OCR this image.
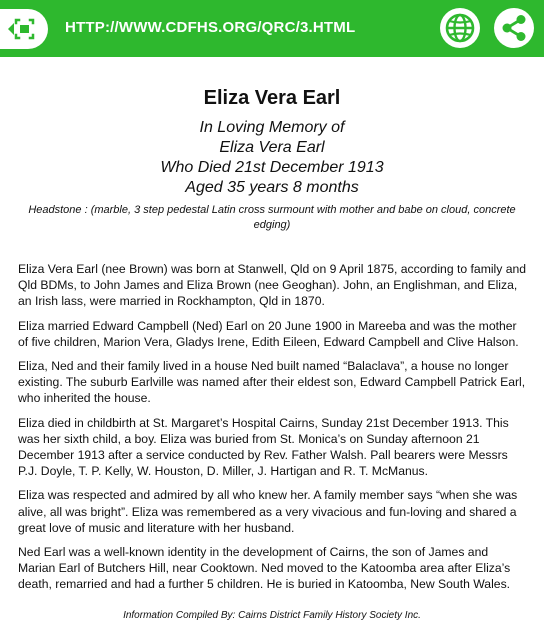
HTTP://WWW.CDFHS.ORG/QRC/3.HTML
Eliza Vera Earl
In Loving Memory of
Eliza Vera Earl
Who Died 21st December 1913
Aged 35 years 8 months
Headstone : (marble, 3 step pedestal Latin cross surmount with mother and babe on cloud, concrete edging)

Eliza Vera Earl (nee Brown) was born at Stanwell, Qld on 9 April 1875, according to family and Qld BDMs, to John James and Eliza Brown (nee Geoghan). John, an Englishman, and Eliza, an Irish lass, were married in Rockhampton, Qld in 1870.

Eliza married Edward Campbell (Ned) Earl on 20 June 1900 in Mareeba and was the mother of five children, Marion Vera, Gladys Irene, Edith Eileen, Edward Campbell and Clive Halson.

Eliza, Ned and their family lived in a house Ned built named “Balaclava”, a house no longer existing. The suburb Earlville was named after their eldest son, Edward Campbell Patrick Earl, who inherited the house.

Eliza died in childbirth at St. Margaret’s Hospital Cairns, Sunday 21st December 1913. This was her sixth child, a boy. Eliza was buried from St. Monica’s on Sunday afternoon 21 December 1913 after a service conducted by Rev. Father Walsh. Pall bearers were Messrs P.J. Doyle, T. P. Kelly, W. Houston, D. Miller, J. Hartigan and R. T. McManus.

Eliza was respected and admired by all who knew her. A family member says “when she was alive, all was bright”. Eliza was remembered as a very vivacious and fun-loving and shared a great love of music and literature with her husband.

Ned Earl was a well-known identity in the development of Cairns, the son of James and Marian Earl of Butchers Hill, near Cooktown. Ned moved to the Katoomba area after Eliza’s death, remarried and had a further 5 children. He is buried in Katoomba, New South Wales.

Information Compiled By: Cairns District Family History Society Inc.
